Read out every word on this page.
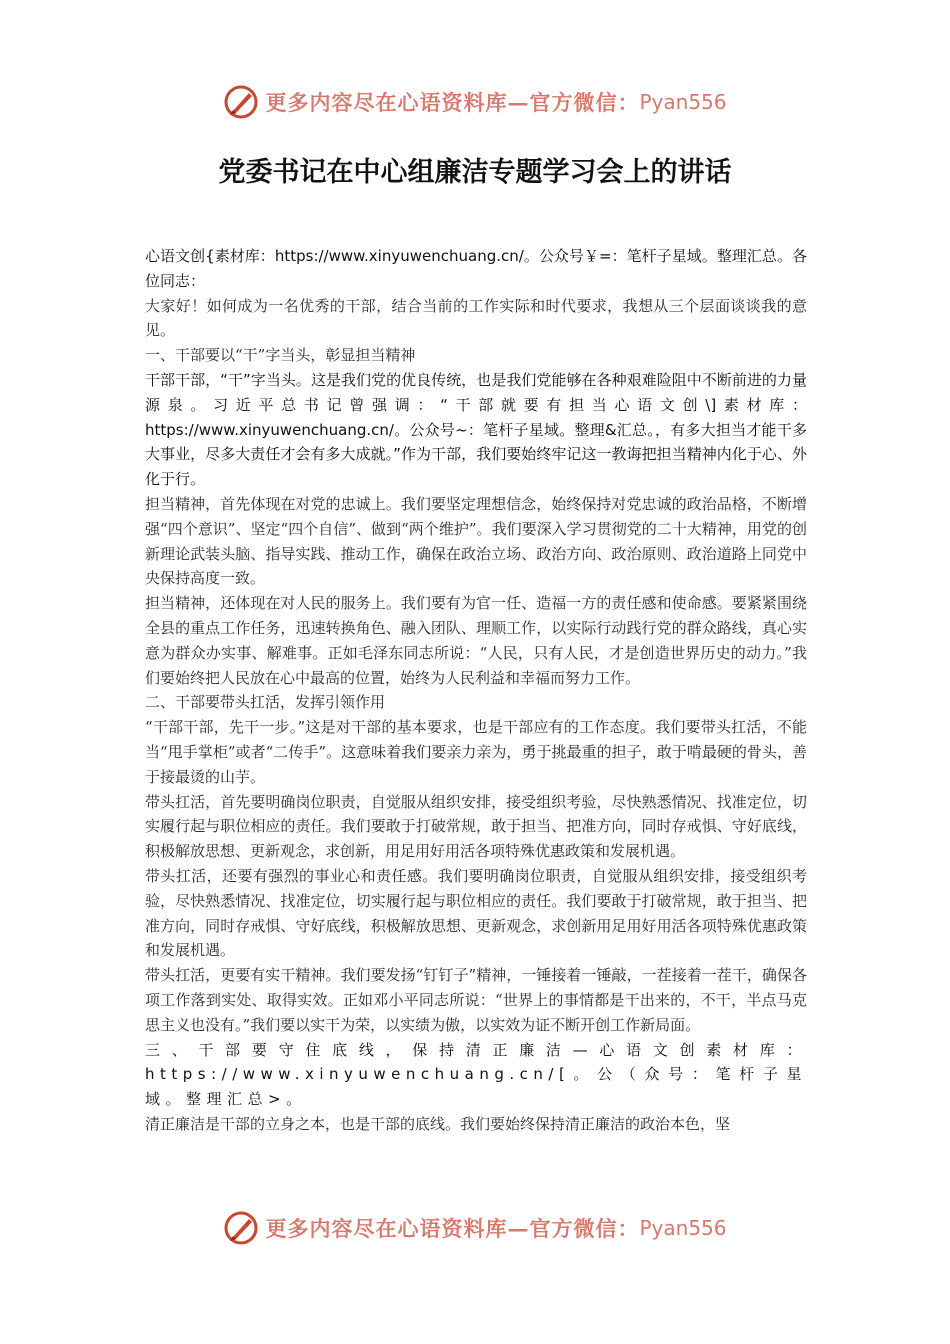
更多内容尽在心语资料库—官方微信： Pyan556
党委书记在中心组廉洁专题学习会上的讲话

心语文创{素材库：https://www.xinyuwenchuang.cn/。公众号￥=：笔杆子星域。整理汇总。各位同志：

大家好！如何成为一名优秀的干部，结合当前的工作实际和时代要求，我想从三个层面谈谈我的意见。

一、干部要以“干”字当头，彰显担当精神

干部干部，“干”字当头。这是我们党的优良传统，也是我们党能够在各种艰难险阻中不断前进的力量源泉。习近平总书记曾强调：“干部就要有担当心语文创\]素材库：https://www.xinyuwenchuang.cn/。公众号~：笔杆子星域。整理&汇总。，有多大担当才能干多大事业，尽多大责任才会有多大成就。”作为干部，我们要始终牢记这一教诲把担当精神内化于心、外化于行。

担当精神，首先体现在对党的忠诚上。我们要坚定理想信念，始终保持对党忠诚的政治品格，不断增强“四个意识”、坚定“四个自信”、做到“两个维护”。我们要深入学习贯彻党的二十大精神，用党的创新理论武装头脑、指导实践、推动工作，确保在政治立场、政治方向、政治原则、政治道路上同党中央保持高度一致。

担当精神，还体现在对人民的服务上。我们要有为官一任、造福一方的责任感和使命感。要紧紧围绕全县的重点工作任务，迅速转换角色、融入团队、理顺工作，以实际行动践行党的群众路线，真心实意为群众办实事、解难事。正如毛泽东同志所说：“人民，只有人民，才是创造世界历史的动力。”我们要始终把人民放在心中最高的位置，始终为人民利益和幸福而努力工作。

二、干部要带头扛活，发挥引领作用

“干部干部，先干一步。”这是对干部的基本要求，也是干部应有的工作态度。我们要带头扛活，不能当“甩手掌柜”或者“二传手”。这意味着我们要亲力亲为，勇于挑最重的担子，敢于啃最硬的骨头，善于接最烫的山芋。

带头扛活，首先要明确岗位职责，自觉服从组织安排，接受组织考验，尽快熟悉情况、找准定位，切实履行起与职位相应的责任。我们要敢于打破常规，敢于担当、把准方向，同时存戒惧、守好底线，积极解放思想、更新观念，求创新，用足用好用活各项特殊优惠政策和发展机遇。

带头扛活，还要有强烈的事业心和责任感。我们要明确岗位职责，自觉服从组织安排，接受组织考验，尽快熟悉情况、找准定位，切实履行起与职位相应的责任。我们要敢于打破常规，敢于担当、把准方向，同时存戒惧、守好底线，积极解放思想、更新观念，求创新用足用好用活各项特殊优惠政策和发展机遇。

带头扛活，更要有实干精神。我们要发扬“钉钉子”精神，一锤接着一锤敲，一茬接着一茬干，确保各项工作落到实处、取得实效。正如邓小平同志所说：“世界上的事情都是干出来的，不干，半点马克思主义也没有。”我们要以实干为荣，以实绩为傲，以实效为证不断开创工作新局面。

三、干部要守住底线，保持清正廉洁—心语文创素材库：https://www.xinyuwenchuang.cn/[。公（众号：笔杆子星域。整理汇总>。

清正廉洁是干部的立身之本，也是干部的底线。我们要始终保持清正廉洁的政治本色，坚

更多内容尽在心语资料库—官方微信： Pyan556
